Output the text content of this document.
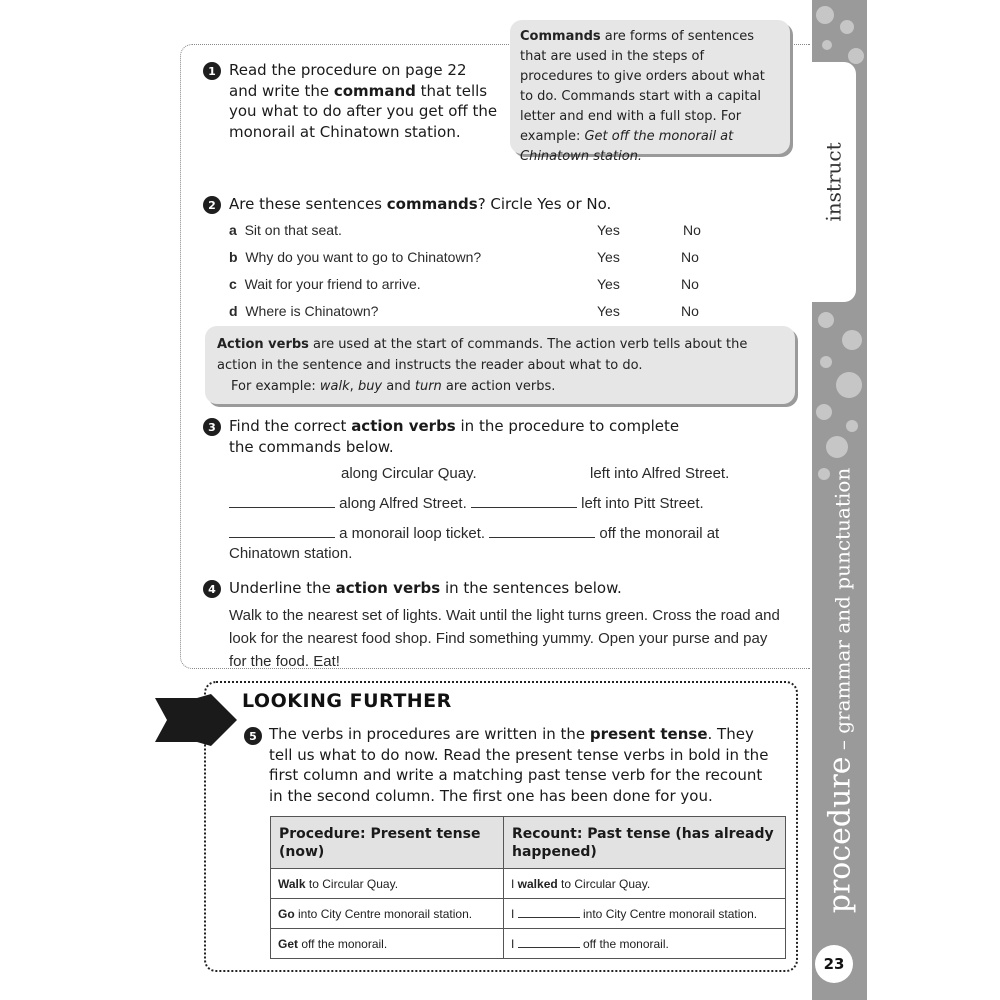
instruct
procedure – grammar and punctuation
23
Commands are forms of sentences that are used in the steps of procedures to give orders about what to do. Commands start with a capital letter and end with a full stop. For example: Get off the monorail at Chinatown station.
1 Read the procedure on page 22 and write the command that tells you what to do after you get off the monorail at Chinatown station.
2 Are these sentences commands? Circle Yes or No.
a Sit on that seat.	Yes	No
b Why do you want to go to Chinatown?	Yes	No
c Wait for your friend to arrive.	Yes	No
d Where is Chinatown?	Yes	No
Action verbs are used at the start of commands. The action verb tells about the action in the sentence and instructs the reader about what to do.
For example: walk, buy and turn are action verbs.
3 Find the correct action verbs in the procedure to complete the commands below.
along Circular Quay.	left into Alfred Street.
along Alfred Street.	left into Pitt Street.
a monorail loop ticket.	off the monorail at
Chinatown station.
4 Underline the action verbs in the sentences below.
Walk to the nearest set of lights. Wait until the light turns green. Cross the road and look for the nearest food shop. Find something yummy. Open your purse and pay for the food. Eat!
LOOKING FURTHER
5 The verbs in procedures are written in the present tense. They tell us what to do now. Read the present tense verbs in bold in the first column and write a matching past tense verb for the recount in the second column. The first one has been done for you.
Procedure: Present tense (now)	Recount: Past tense (has already happened)
Walk to Circular Quay.	I walked to Circular Quay.
Go into City Centre monorail station.	I into City Centre monorail station.
Get off the monorail.	I off the monorail.
